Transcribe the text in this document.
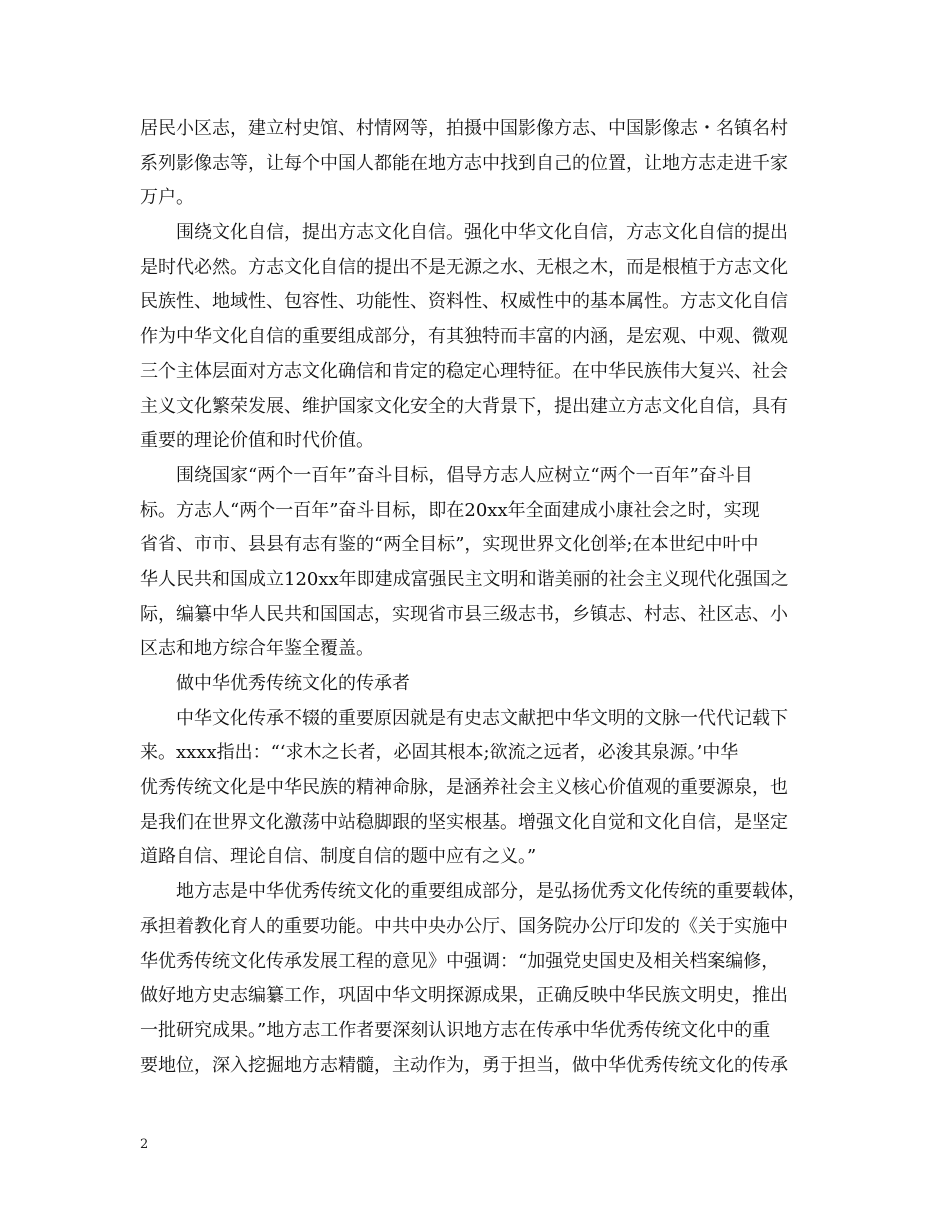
居民小区志，建立村史馆、村情网等，拍摄中国影像方志、中国影像志・名镇名村
系列影像志等，让每个中国人都能在地方志中找到自己的位置，让地方志走进千家
万户。
　　围绕文化自信，提出方志文化自信。强化中华文化自信，方志文化自信的提出
是时代必然。方志文化自信的提出不是无源之水、无根之木，而是根植于方志文化
民族性、地域性、包容性、功能性、资料性、权威性中的基本属性。方志文化自信
作为中华文化自信的重要组成部分，有其独特而丰富的内涵，是宏观、中观、微观
三个主体层面对方志文化确信和肯定的稳定心理特征。在中华民族伟大复兴、社会
主义文化繁荣发展、维护国家文化安全的大背景下，提出建立方志文化自信，具有
重要的理论价值和时代价值。
　　围绕国家“两个一百年”奋斗目标，倡导方志人应树立“两个一百年”奋斗目
标。方志人“两个一百年”奋斗目标，即在20xx年全面建成小康社会之时，实现
省省、市市、县县有志有鉴的“两全目标”，实现世界文化创举;在本世纪中叶中
华人民共和国成立120xx年即建成富强民主文明和谐美丽的社会主义现代化强国之
际，编纂中华人民共和国国志，实现省市县三级志书，乡镇志、村志、社区志、小
区志和地方综合年鉴全覆盖。
　　做中华优秀传统文化的传承者
　　中华文化传承不辍的重要原因就是有史志文献把中华文明的文脉一代代记载下
来。xxxx指出：“‘求木之长者，必固其根本;欲流之远者，必浚其泉源。’中华
优秀传统文化是中华民族的精神命脉，是涵养社会主义核心价值观的重要源泉，也
是我们在世界文化激荡中站稳脚跟的坚实根基。增强文化自觉和文化自信，是坚定
道路自信、理论自信、制度自信的题中应有之义。”
　　地方志是中华优秀传统文化的重要组成部分，是弘扬优秀文化传统的重要载体，
承担着教化育人的重要功能。中共中央办公厅、国务院办公厅印发的《关于实施中
华优秀传统文化传承发展工程的意见》中强调：“加强党史国史及相关档案编修，
做好地方史志编纂工作，巩固中华文明探源成果，正确反映中华民族文明史，推出
一批研究成果。”地方志工作者要深刻认识地方志在传承中华优秀传统文化中的重
要地位，深入挖掘地方志精髓，主动作为，勇于担当，做中华优秀传统文化的传承
2
